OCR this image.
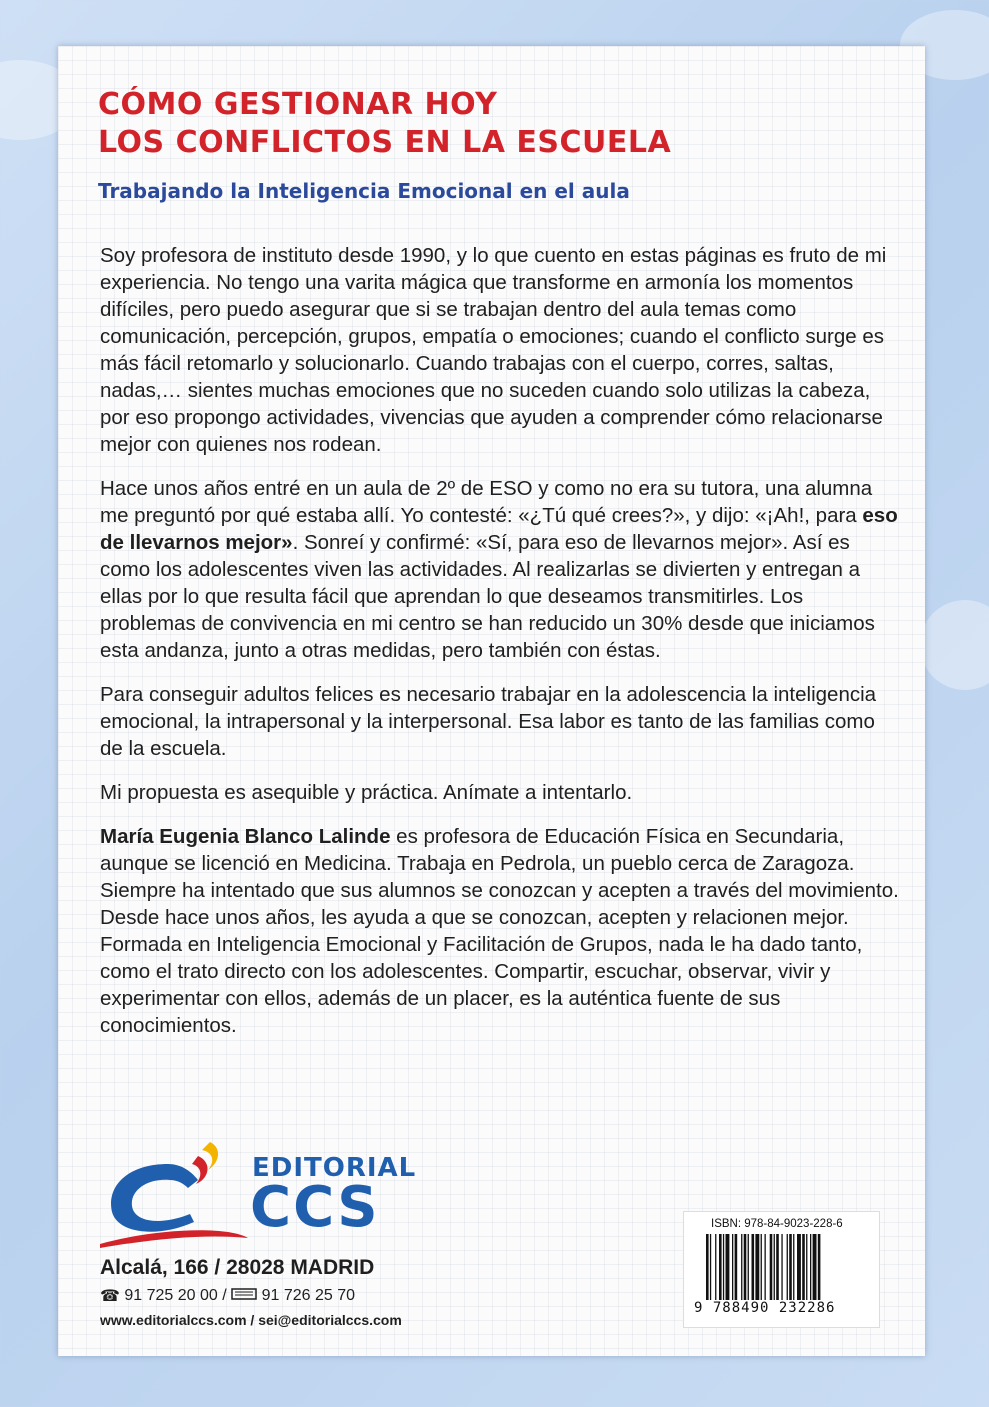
CÓMO GESTIONAR HOY
LOS CONFLICTOS EN LA ESCUELA
Trabajando la Inteligencia Emocional en el aula

Soy profesora de instituto desde 1990, y lo que cuento en estas páginas es fruto de mi experiencia. No tengo una varita mágica que transforme en armonía los momentos difíciles, pero puedo asegurar que si se trabajan dentro del aula temas como comunicación, percepción, grupos, empatía o emociones; cuando el conflicto surge es más fácil retomarlo y solucionarlo. Cuando trabajas con el cuerpo, corres, saltas, nadas,… sientes muchas emociones que no suceden cuando solo utilizas la cabeza, por eso propongo actividades, vivencias que ayuden a comprender cómo relacionarse mejor con quienes nos rodean.

Hace unos años entré en un aula de 2º de ESO y como no era su tutora, una alumna me preguntó por qué estaba allí. Yo contesté: «¿Tú qué crees?», y dijo: «¡Ah!, para eso de llevarnos mejor». Sonreí y confirmé: «Sí, para eso de llevarnos mejor». Así es como los adolescentes viven las actividades. Al realizarlas se divierten y entregan a ellas por lo que resulta fácil que aprendan lo que deseamos transmitirles. Los problemas de convivencia en mi centro se han reducido un 30% desde que iniciamos esta andanza, junto a otras medidas, pero también con éstas.

Para conseguir adultos felices es necesario trabajar en la adolescencia la inteligencia emocional, la intrapersonal y la interpersonal. Esa labor es tanto de las familias como de la escuela.

Mi propuesta es asequible y práctica. Anímate a intentarlo.

María Eugenia Blanco Lalinde es profesora de Educación Física en Secundaria, aunque se licenció en Medicina. Trabaja en Pedrola, un pueblo cerca de Zaragoza. Siempre ha intentado que sus alumnos se conozcan y acepten a través del movimiento. Desde hace unos años, les ayuda a que se conozcan, acepten y relacionen mejor. Formada en Inteligencia Emocional y Facilitación de Grupos, nada le ha dado tanto, como el trato directo con los adolescentes. Compartir, escuchar, observar, vivir y experimentar con ellos, además de un placer, es la auténtica fuente de sus conocimientos.

EDITORIAL
CCS
Alcalá, 166 / 28028 MADRID
☎ 91 725 20 00 / 91 726 25 70
www.editorialccs.com / sei@editorialccs.com
ISBN: 978-84-9023-228-6
9 788490 232286
